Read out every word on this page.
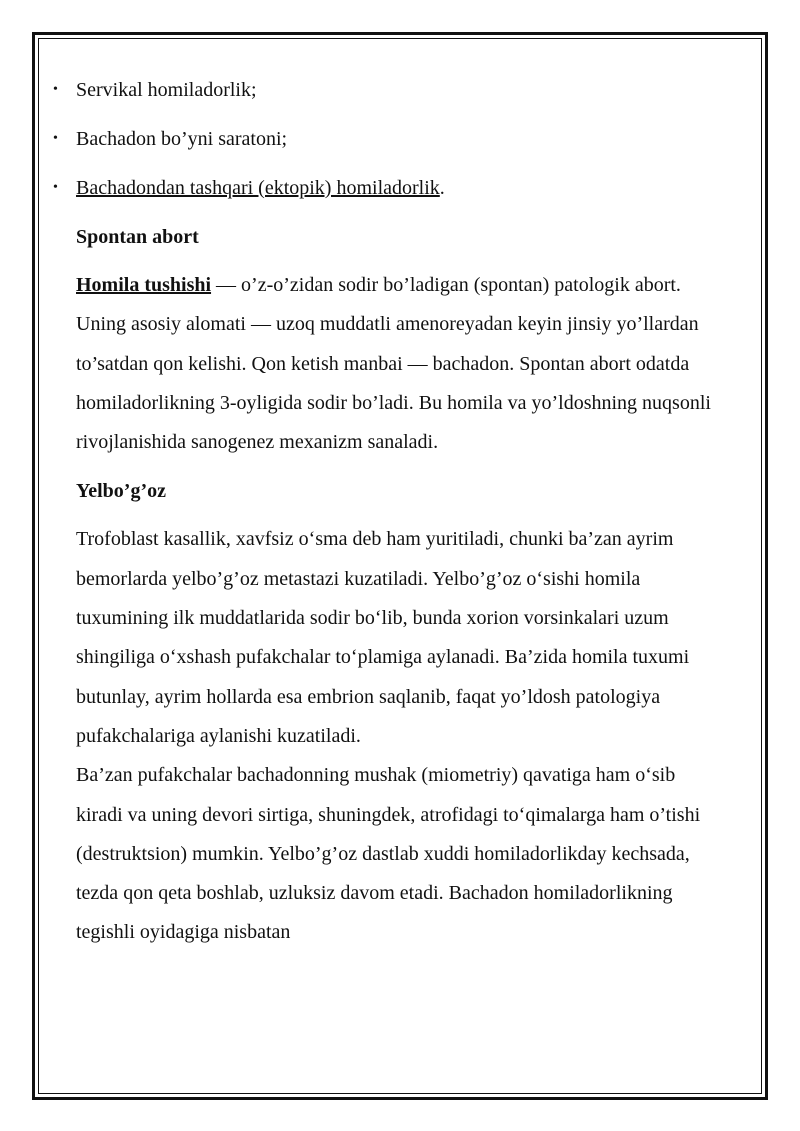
• Servikal homiladorlik;
• Bachadon bo’yni saratoni;
• Bachadondan tashqari (ektopik) homiladorlik.

Spontan abort

Homila tushishi — o’z-o’zidan sodir bo’ladigan (spontan) patologik abort. Uning asosiy alomati — uzoq muddatli amenoreyadan keyin jinsiy yo’llardan to’satdan qon kelishi. Qon ketish manbai — bachadon. Spontan abort odatda homiladorlikning 3-oyligida sodir bo’ladi. Bu homila va yo’ldoshning nuqsonli rivojlanishida sanogenez mexanizm sanaladi.

Yelbo’g’oz

Trofoblast kasallik, xavfsiz o‘sma deb ham yuritiladi, chunki ba’zan ayrim bemorlarda yelbo’g’oz metastazi kuzatiladi. Yelbo’g’oz o‘sishi homila tuxumining ilk muddatlarida sodir bo‘lib, bunda xorion vorsinkalari uzum shingiliga o‘xshash pufakchalar to‘plamiga aylanadi. Ba’zida homila tuxumi butunlay, ayrim hollarda esa embrion saqlanib, faqat yo’ldosh patologiya pufakchalariga aylanishi kuzatiladi.

Ba’zan pufakchalar bachadonning mushak (miometriy) qavatiga ham o‘sib kiradi va uning devori sirtiga, shuningdek, atrofidagi to‘qimalarga ham o’tishi (destruktsion) mumkin. Yelbo’g’oz dastlab xuddi homiladorlikday kechsada, tezda qon qeta boshlab, uzluksiz davom etadi. Bachadon homiladorlikning tegishli oyidagiga nisbatan
